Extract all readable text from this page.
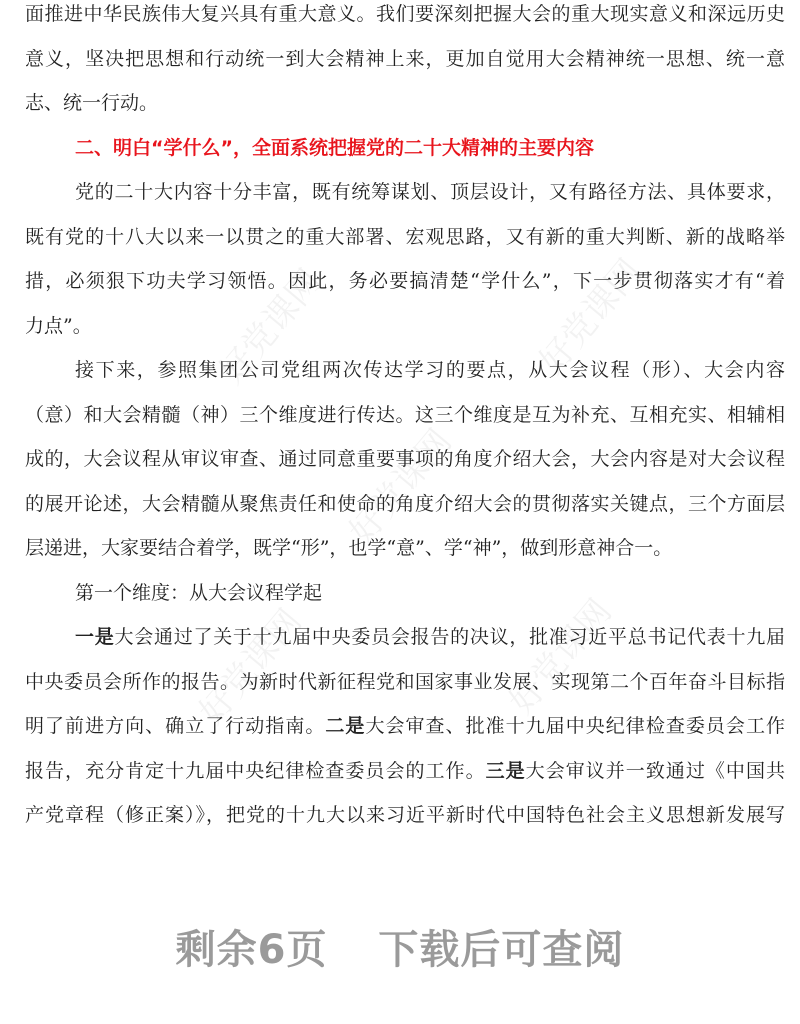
好党课网	好党课网
好党课网
好党课网	好党课网
面推进中华民族伟大复兴具有重大意义。我们要深刻把握大会的重大现实意义和深远历史
意义，坚决把思想和行动统一到大会精神上来，更加自觉用大会精神统一思想、统一意
志、统一行动。
二、明白“学什么”，全面系统把握党的二十大精神的主要内容
党的二十大内容十分丰富，既有统筹谋划、顶层设计，又有路径方法、具体要求，
既有党的十八大以来一以贯之的重大部署、宏观思路，又有新的重大判断、新的战略举
措，必须狠下功夫学习领悟。因此，务必要搞清楚“学什么”，下一步贯彻落实才有“着
力点”。
接下来，参照集团公司党组两次传达学习的要点，从大会议程（形）、大会内容
（意）和大会精髓（神）三个维度进行传达。这三个维度是互为补充、互相充实、相辅相
成的，大会议程从审议审查、通过同意重要事项的角度介绍大会，大会内容是对大会议程
的展开论述，大会精髓从聚焦责任和使命的角度介绍大会的贯彻落实关键点，三个方面层
层递进，大家要结合着学，既学“形”，也学“意”、学“神”，做到形意神合一。
第一个维度：从大会议程学起
一是大会通过了关于十九届中央委员会报告的决议，批准习近平总书记代表十九届
中央委员会所作的报告。为新时代新征程党和国家事业发展、实现第二个百年奋斗目标指
明了前进方向、确立了行动指南。二是大会审查、批准十九届中央纪律检查委员会工作
报告，充分肯定十九届中央纪律检查委员会的工作。三是大会审议并一致通过《中国共
产党章程（修正案）》，把党的十九大以来习近平新时代中国特色社会主义思想新发展写
剩余6页 下载后可查阅
